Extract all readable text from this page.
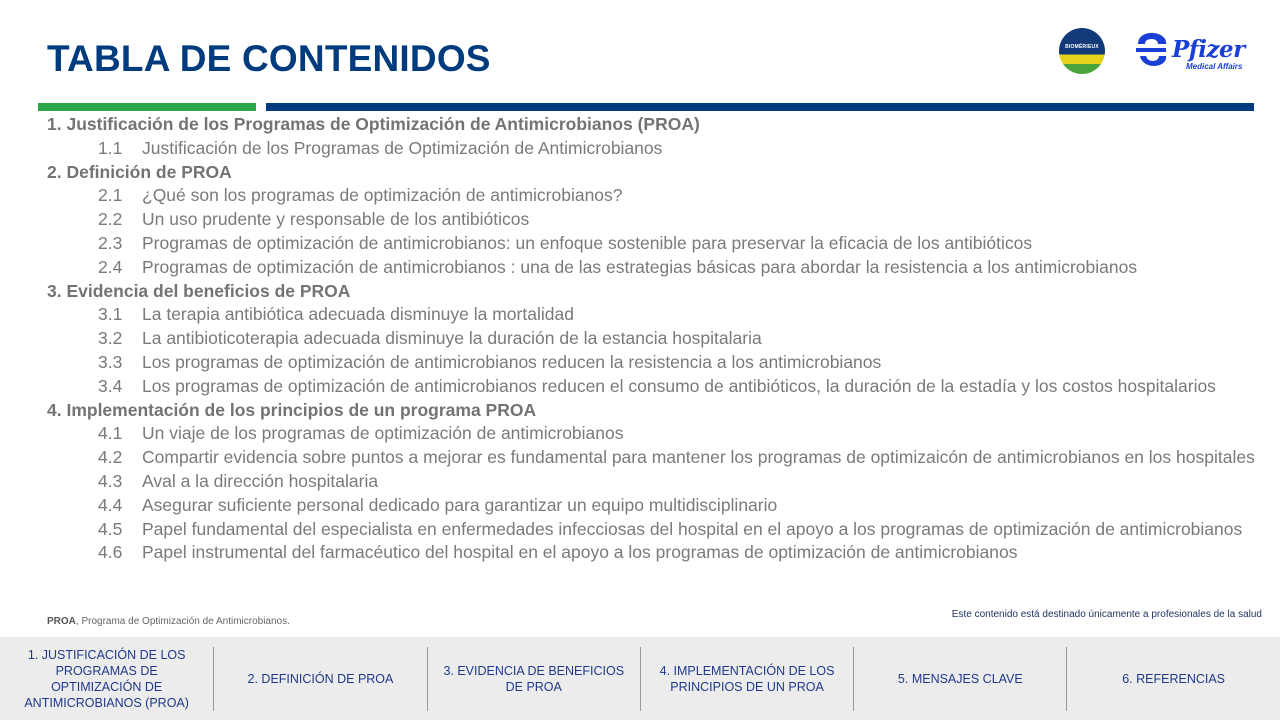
TABLA DE CONTENIDOS	BIOMÉRIEUX	Pfizer
Medical Affairs
1. Justificación de los Programas de Optimización de Antimicrobianos (PROA)
1.1	Justificación de los Programas de Optimización de Antimicrobianos
2. Definición de PROA
2.1	¿Qué son los programas de optimización de antimicrobianos?
2.2	Un uso prudente y responsable de los antibióticos
2.3	Programas de optimización de antimicrobianos: un enfoque sostenible para preservar la eficacia de los antibióticos
2.4	Programas de optimización de antimicrobianos : una de las estrategias básicas para abordar la resistencia a los antimicrobianos
3. Evidencia del beneficios de PROA
3.1	La terapia antibiótica adecuada disminuye la mortalidad
3.2	La antibioticoterapia adecuada disminuye la duración de la estancia hospitalaria
3.3	Los programas de optimización de antimicrobianos reducen la resistencia a los antimicrobianos
3.4	Los programas de optimización de antimicrobianos reducen el consumo de antibióticos, la duración de la estadía y los costos hospitalarios
4. Implementación de los principios de un programa PROA
4.1	Un viaje de los programas de optimización de antimicrobianos
4.2	Compartir evidencia sobre puntos a mejorar es fundamental para mantener los programas de optimizaicón de antimicrobianos en los hospitales
4.3	Aval a la dirección hospitalaria
4.4	Asegurar suficiente personal dedicado para garantizar un equipo multidisciplinario
4.5	Papel fundamental del especialista en enfermedades infecciosas del hospital en el apoyo a los programas de optimización de antimicrobianos
4.6	Papel instrumental del farmacéutico del hospital en el apoyo a los programas de optimización de antimicrobianos
PROA, Programa de Optimización de Antimicrobianos.
Este contenido está destinado únicamente a profesionales de la salud
1. JUSTIFICACIÓN DE LOS PROGRAMAS DE OPTIMIZACIÓN DE ANTIMICROBIANOS (PROA)
2. DEFINICIÓN DE PROA
3. EVIDENCIA DE BENEFICIOS DE PROA
4. IMPLEMENTACIÓN DE LOS PRINCIPIOS DE UN PROA
5. MENSAJES CLAVE	6. REFERENCIAS
